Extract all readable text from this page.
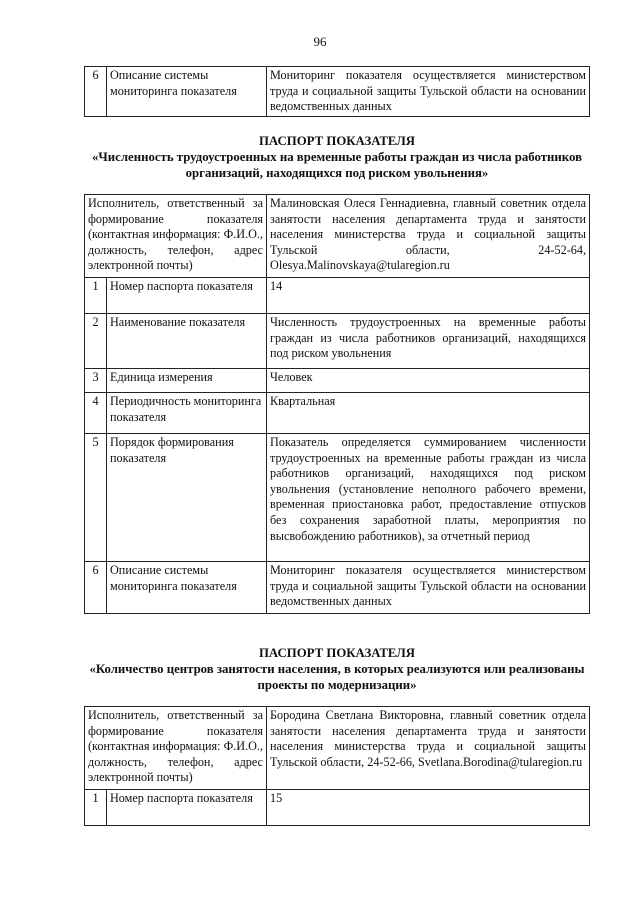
96
6	Описание системы мониторинга показателя	Мониторинг показателя осуществляется министерством труда и социальной защиты Тульской области на основании ведомственных данных
ПАСПОРТ ПОКАЗАТЕЛЯ
«Численность трудоустроенных на временные работы граждан из числа работников организаций, находящихся под риском увольнения»
Исполнитель, ответственный за формирование показателя (контактная информация: Ф.И.О., должность, телефон, адрес электронной почты)		Малиновская Олеся Геннадиевна, главный советник отдела занятости населения департамента труда и занятости населения министерства труда и социальной защиты Тульской области, 24-52-64, Olesya.Malinovskaya@tularegion.ru
1	Номер паспорта показателя	14
2	Наименование показателя	Численность трудоустроенных на временные работы граждан из числа работников организаций, находящихся под риском увольнения
3	Единица измерения	Человек
4	Периодичность мониторинга показателя	Квартальная
5	Порядок формирования показателя	Показатель определяется суммированием численности трудоустроенных на временные работы граждан из числа работников организаций, находящихся под риском увольнения (установление неполного рабочего времени, временная приостановка работ, предоставление отпусков без сохранения заработной платы, мероприятия по высвобождению работников), за отчетный период
6	Описание системы мониторинга показателя	Мониторинг показателя осуществляется министерством труда и социальной защиты Тульской области на основании ведомственных данных
ПАСПОРТ ПОКАЗАТЕЛЯ
«Количество центров занятости населения, в которых реализуются или реализованы проекты по модернизации»
Исполнитель, ответственный за формирование показателя (контактная информация: Ф.И.О., должность, телефон, адрес электронной почты)		Бородина Светлана Викторовна, главный советник отдела занятости населения департамента труда и занятости населения министерства труда и социальной защиты Тульской области, 24-52-66, Svetlana.Borodina@tularegion.ru
1	Номер паспорта показателя	15
